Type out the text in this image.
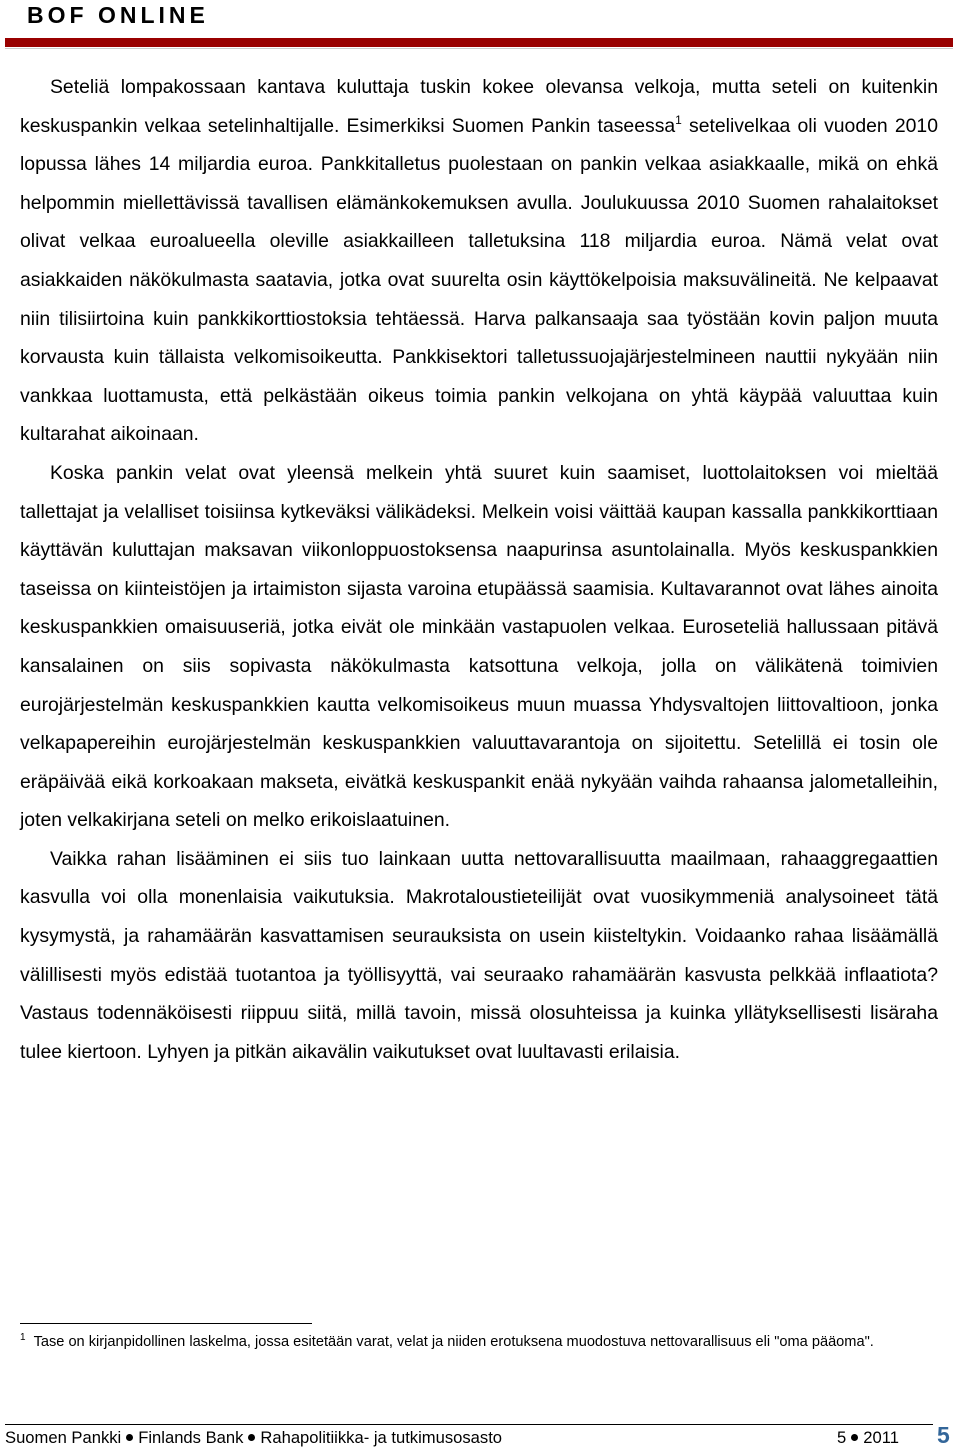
BOF ONLINE

Seteliä lompakossaan kantava kuluttaja tuskin kokee olevansa velkoja, mutta seteli on kuitenkin keskuspankin velkaa setelinhaltijalle. Esimerkiksi Suomen Pankin taseessa$^1$ setelivelkaa oli vuoden 2010 lopussa lähes 14 miljardia euroa. Pankkitalletus puolestaan on pankin velkaa asiakkaalle, mikä on ehkä helpommin miellettävissä tavallisen elämänkokemuksen avulla. Joulukuussa 2010 Suomen rahalaitokset olivat velkaa euroalueella oleville asiakkailleen talletuksina 118 miljardia euroa. Nämä velat ovat asiakkaiden näkökulmasta saatavia, jotka ovat suurelta osin käyttökelpoisia maksuvälineitä. Ne kelpaavat niin tilisiirtoina kuin pankkikorttiostoksia tehtäessä. Harva palkansaaja saa työstään kovin paljon muuta korvausta kuin tällaista velkomisoikeutta. Pankkisektori talletussuojajärjestelmineen nauttii nykyään niin vankkaa luottamusta, että pelkästään oikeus toimia pankin velkojana on yhtä käypää valuuttaa kuin kultarahat aikoinaan.

Koska pankin velat ovat yleensä melkein yhtä suuret kuin saamiset, luottolaitoksen voi mieltää tallettajat ja velalliset toisiinsa kytkeväksi välikädeksi. Melkein voisi väittää kaupan kassalla pankkikorttiaan käyttävän kuluttajan maksavan viikonloppuostoksensa naapurinsa asuntolainalla. Myös keskuspankkien taseissa on kiinteistöjen ja irtaimiston sijasta varoina etupäässä saamisia. Kultavarannot ovat lähes ainoita keskuspankkien omaisuuseriä, jotka eivät ole minkään vastapuolen velkaa. Euroseteliä hallussaan pitävä kansalainen on siis sopivasta näkökulmasta katsottuna velkoja, jolla on välikätenä toimivien eurojärjestelmän keskuspankkien kautta velkomisoikeus muun muassa Yhdysvaltojen liittovaltioon, jonka velkapapereihin eurojärjestelmän keskuspankkien valuuttavarantoja on sijoitettu. Setelillä ei tosin ole eräpäivää eikä korkoakaan makseta, eivätkä keskuspankit enää nykyään vaihda rahaansa jalometalleihin, joten velkakirjana seteli on melko erikoislaatuinen.

Vaikka rahan lisääminen ei siis tuo lainkaan uutta nettovarallisuutta maailmaan, rahaaggregaattien kasvulla voi olla monenlaisia vaikutuksia. Makrotaloustieteilijät ovat vuosikymmeniä analysoineet tätä kysymystä, ja rahamäärän kasvattamisen seurauksista on usein kiisteltykin. Voidaanko rahaa lisäämällä välillisesti myös edistää tuotantoa ja työllisyyttä, vai seuraako rahamäärän kasvusta pelkkää inflaatiota? Vastaus todennäköisesti riippuu siitä, millä tavoin, missä olosuhteissa ja kuinka yllätyksellisesti lisäraha tulee kiertoon. Lyhyen ja pitkän aikavälin vaikutukset ovat luultavasti erilaisia.

$^1$ Tase on kirjanpidollinen laskelma, jossa esitetään varat, velat ja niiden erotuksena muodostuva nettovarallisuus eli "oma pääoma".
Suomen Pankki Finlands Bank Rahapolitiikka- ja tutkimusosasto	5 2011 5
